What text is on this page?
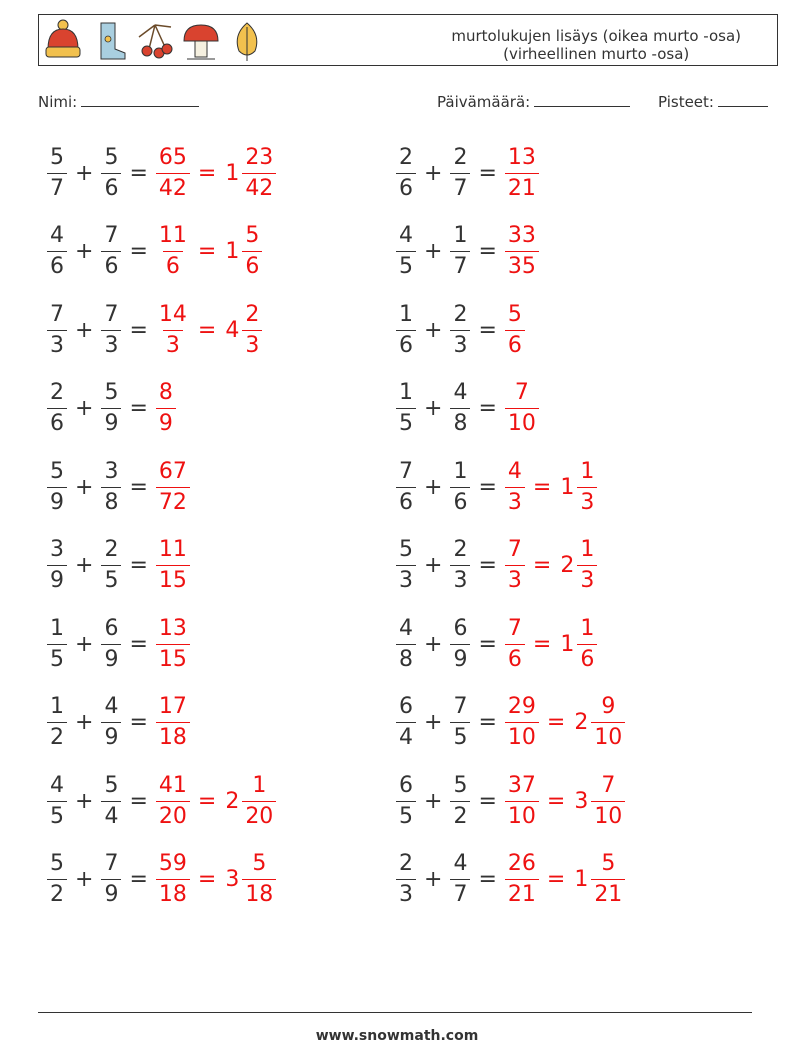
murtolukujen lisäys (oikea murto -osa)
(virheellinen murto -osa)
Nimi:	Päivämäärä:	Pisteet:
$\frac{5}{7} + \frac{5}{6} = \frac{65}{42} = 1 \frac{23}{42}$	$\frac{2}{6} + \frac{2}{7} = \frac{13}{21}$
$\frac{4}{6} + \frac{7}{6} = \frac{11}{6} = 1 \frac{5}{6}$	$\frac{4}{5} + \frac{1}{7} = \frac{33}{35}$
$\frac{7}{3} + \frac{7}{3} = \frac{14}{3} = 4 \frac{2}{3}$	$\frac{1}{6} + \frac{2}{3} = \frac{5}{6}$
$\frac{2}{6} + \frac{5}{9} = \frac{8}{9}$	$\frac{1}{5} + \frac{4}{8} = \frac{7}{10}$
$\frac{5}{9} + \frac{3}{8} = \frac{67}{72}$	$\frac{7}{6} + \frac{1}{6} = \frac{4}{3} = 1 \frac{1}{3}$
$\frac{3}{9} + \frac{2}{5} = \frac{11}{15}$	$\frac{5}{3} + \frac{2}{3} = \frac{7}{3} = 2 \frac{1}{3}$
$\frac{1}{5} + \frac{6}{9} = \frac{13}{15}$	$\frac{4}{8} + \frac{6}{9} = \frac{7}{6} = 1 \frac{1}{6}$
$\frac{1}{2} + \frac{4}{9} = \frac{17}{18}$	$\frac{6}{4} + \frac{7}{5} = \frac{29}{10} = 2 \frac{9}{10}$
$\frac{4}{5} + \frac{5}{4} = \frac{41}{20} = 2 \frac{1}{20}$	$\frac{6}{5} + \frac{5}{2} = \frac{37}{10} = 3 \frac{7}{10}$
$\frac{5}{2} + \frac{7}{9} = \frac{59}{18} = 3 \frac{5}{18}$	$\frac{2}{3} + \frac{4}{7} = \frac{26}{21} = 1 \frac{5}{21}$
www.snowmath.com
